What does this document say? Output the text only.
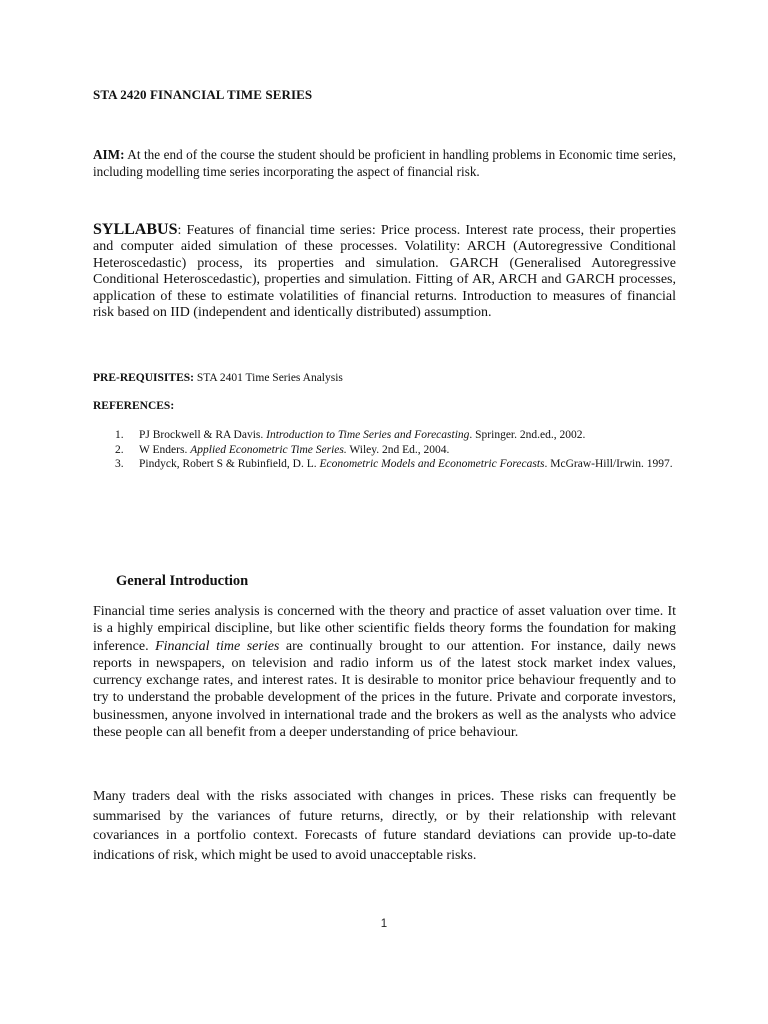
STA 2420 FINANCIAL TIME SERIES
AIM: At the end of the course the student should be proficient in handling problems in Economic time series, including modelling time series incorporating the aspect of financial risk.
SYLLABUS: Features of financial time series: Price process. Interest rate process, their properties and computer aided simulation of these processes. Volatility: ARCH (Autoregressive Conditional Heteroscedastic) process, its properties and simulation. GARCH (Generalised Autoregressive Conditional Heteroscedastic), properties and simulation. Fitting of AR, ARCH and GARCH processes, application of these to estimate volatilities of financial returns. Introduction to measures of financial risk based on IID (independent and identically distributed) assumption.
PRE-REQUISITES: STA 2401 Time Series Analysis
REFERENCES:
1. PJ Brockwell & RA Davis. Introduction to Time Series and Forecasting. Springer. 2nd.ed., 2002.
2. W Enders. Applied Econometric Time Series. Wiley. 2nd Ed., 2004.
3. Pindyck, Robert S & Rubinfield, D. L. Econometric Models and Econometric Forecasts. McGraw-Hill/Irwin. 1997.
General Introduction
Financial time series analysis is concerned with the theory and practice of asset valuation over time. It is a highly empirical discipline, but like other scientific fields theory forms the foundation for making inference. Financial time series are continually brought to our attention. For instance, daily news reports in newspapers, on television and radio inform us of the latest stock market index values, currency exchange rates, and interest rates. It is desirable to monitor price behaviour frequently and to try to understand the probable development of the prices in the future. Private and corporate investors, businessmen, anyone involved in international trade and the brokers as well as the analysts who advice these people can all benefit from a deeper understanding of price behaviour.
Many traders deal with the risks associated with changes in prices. These risks can frequently be summarised by the variances of future returns, directly, or by their relationship with relevant covariances in a portfolio context. Forecasts of future standard deviations can provide up-to-date indications of risk, which might be used to avoid unacceptable risks.
1
